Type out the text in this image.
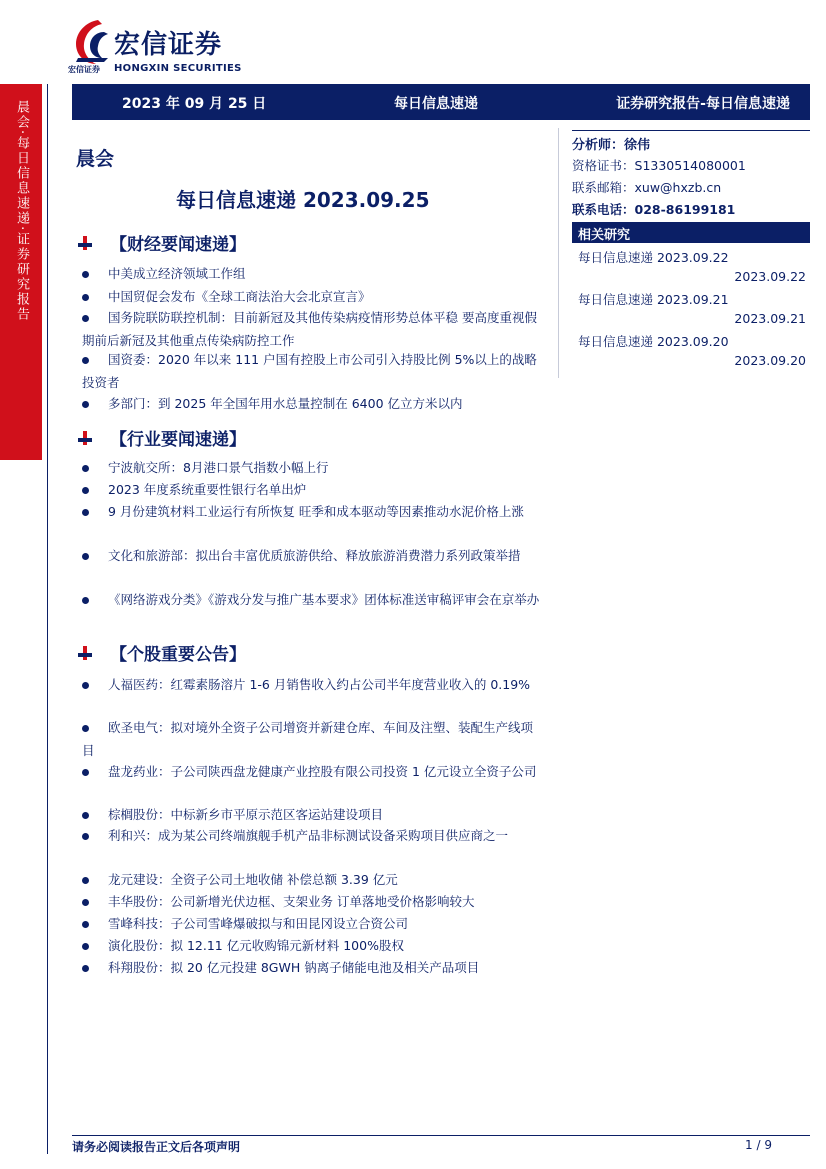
宏信证券
宏信证券 HONGXIN SECURITIES
2023 年 09 月 25 日	每日信息速递	证券研究报告-每日信息速递
晨会·每日信息速递·证券研究报告 晨会
每日信息速递 2023.09.25
【财经要闻速递】
中美成立经济领域工作组
中国贸促会发布《全球工商法治大会北京宣言》
国务院联防联控机制：目前新冠及其他传染病疫情形势总体平稳 要高度重视假期前后新冠及其他重点传染病防控工作
国资委：2020 年以来 111 户国有控股上市公司引入持股比例 5%以上的战略投资者
多部门：到 2025 年全国年用水总量控制在 6400 亿立方米以内
【行业要闻速递】
宁波航交所：8月港口景气指数小幅上行
2023 年度系统重要性银行名单出炉
9 月份建筑材料工业运行有所恢复 旺季和成本驱动等因素推动水泥价格上涨
文化和旅游部：拟出台丰富优质旅游供给、释放旅游消费潜力系列政策举措
《网络游戏分类》《游戏分发与推广基本要求》团体标准送审稿评审会在京举办
【个股重要公告】
人福医药：红霉素肠溶片 1-6 月销售收入约占公司半年度营业收入的 0.19%
欧圣电气：拟对境外全资子公司增资并新建仓库、车间及注塑、装配生产线项目
盘龙药业：子公司陕西盘龙健康产业控股有限公司投资 1 亿元设立全资子公司
棕榈股份：中标新乡市平原示范区客运站建设项目
利和兴：成为某公司终端旗舰手机产品非标测试设备采购项目供应商之一
龙元建设：全资子公司土地收储 补偿总额 3.39 亿元
丰华股份：公司新增光伏边框、支架业务 订单落地受价格影响较大
雪峰科技：子公司雪峰爆破拟与和田昆冈设立合资公司
演化股份：拟 12.11 亿元收购锦元新材料 100%股权
科翔股份：拟 20 亿元投建 8GWH 钠离子储能电池及相关产品项目
分析师：徐伟
资格证书：S1330514080001
联系邮箱：xuw@hxzb.cn
联系电话：028-86199181
相关研究
每日信息速递 2023.09.22
2023.09.22
每日信息速递 2023.09.21
2023.09.21
每日信息速递 2023.09.20
2023.09.20
请务必阅读报告正文后各项声明	1 / 9
